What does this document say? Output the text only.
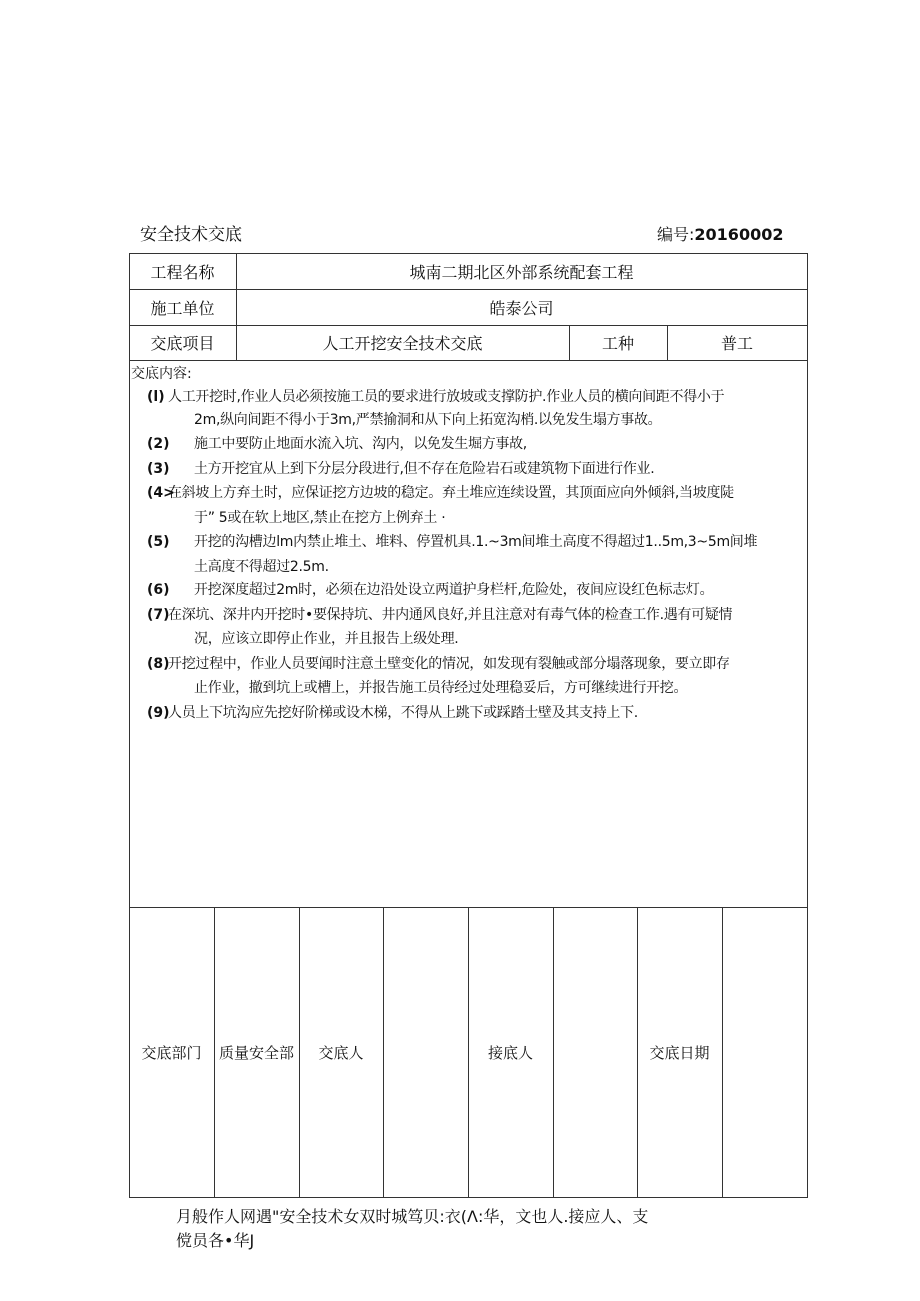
安全技术交底	编号:20160002
工程名称	城南二期北区外部系统配套工程
施工单位	皓泰公司
交底项目	人工开挖安全技术交底	工种	普工
交底内容:
(l) 人工开挖时,作业人员必须按施工员的要求进行放坡或支撑防护.作业人员的横向间距不得小于
2m,纵向间距不得小于3m,严禁揄洞和从下向上拓宽沟梢.以免发生塌方事故。
(2) 施工中要防止地面水流入坑、沟内，以免发生堀方事故,
(3) 土方开挖宜从上到下分层分段进行,但不存在危险岩石或建筑物下面进行作业.
(4>
在斜坡上方弃土时，应保证挖方边坡的稳定。弃土堆应连续设置，其顶面应向外倾斜,当坡度陡
于” 5或在软上地区,禁止在挖方上例弃土 ·
(5) 开挖的沟槽边lm内禁止堆土、堆料、停置机具.1.~3m间堆土高度不得超过1..5m,3~5m间堆
土高度不得超过2.5m.
(6) 开挖深度超过2m时，必须在边沿处设立两道护身栏杆,危险处，夜间应设红色标志灯。
(7)
在深坑、深井内开挖时•要保持坑、井内通风良好,并且注意对有毒气体的检查工作.遇有可疑情
况，应该立即停止作业，并且报告上级处理.
(8)
开挖过程中，作业人员要闻时注意土壁变化的情况，如发现有裂触或部分塌落现象，要立即存
止作业，撤到坑上或槽上，并报告施工员待经过处理稳妥后，方可继续进行开挖。
(9)
人员上下坑沟应先挖好阶梯或设木梯，不得从上跳下或踩踏士壁及其支持上下.
交底部门	质量安全部	交底人	接底人	交底日期
月般作人网遇"安全技术女双时城笃贝:衣(Λ:华，文也人.接应人、支
傥员各•华J
